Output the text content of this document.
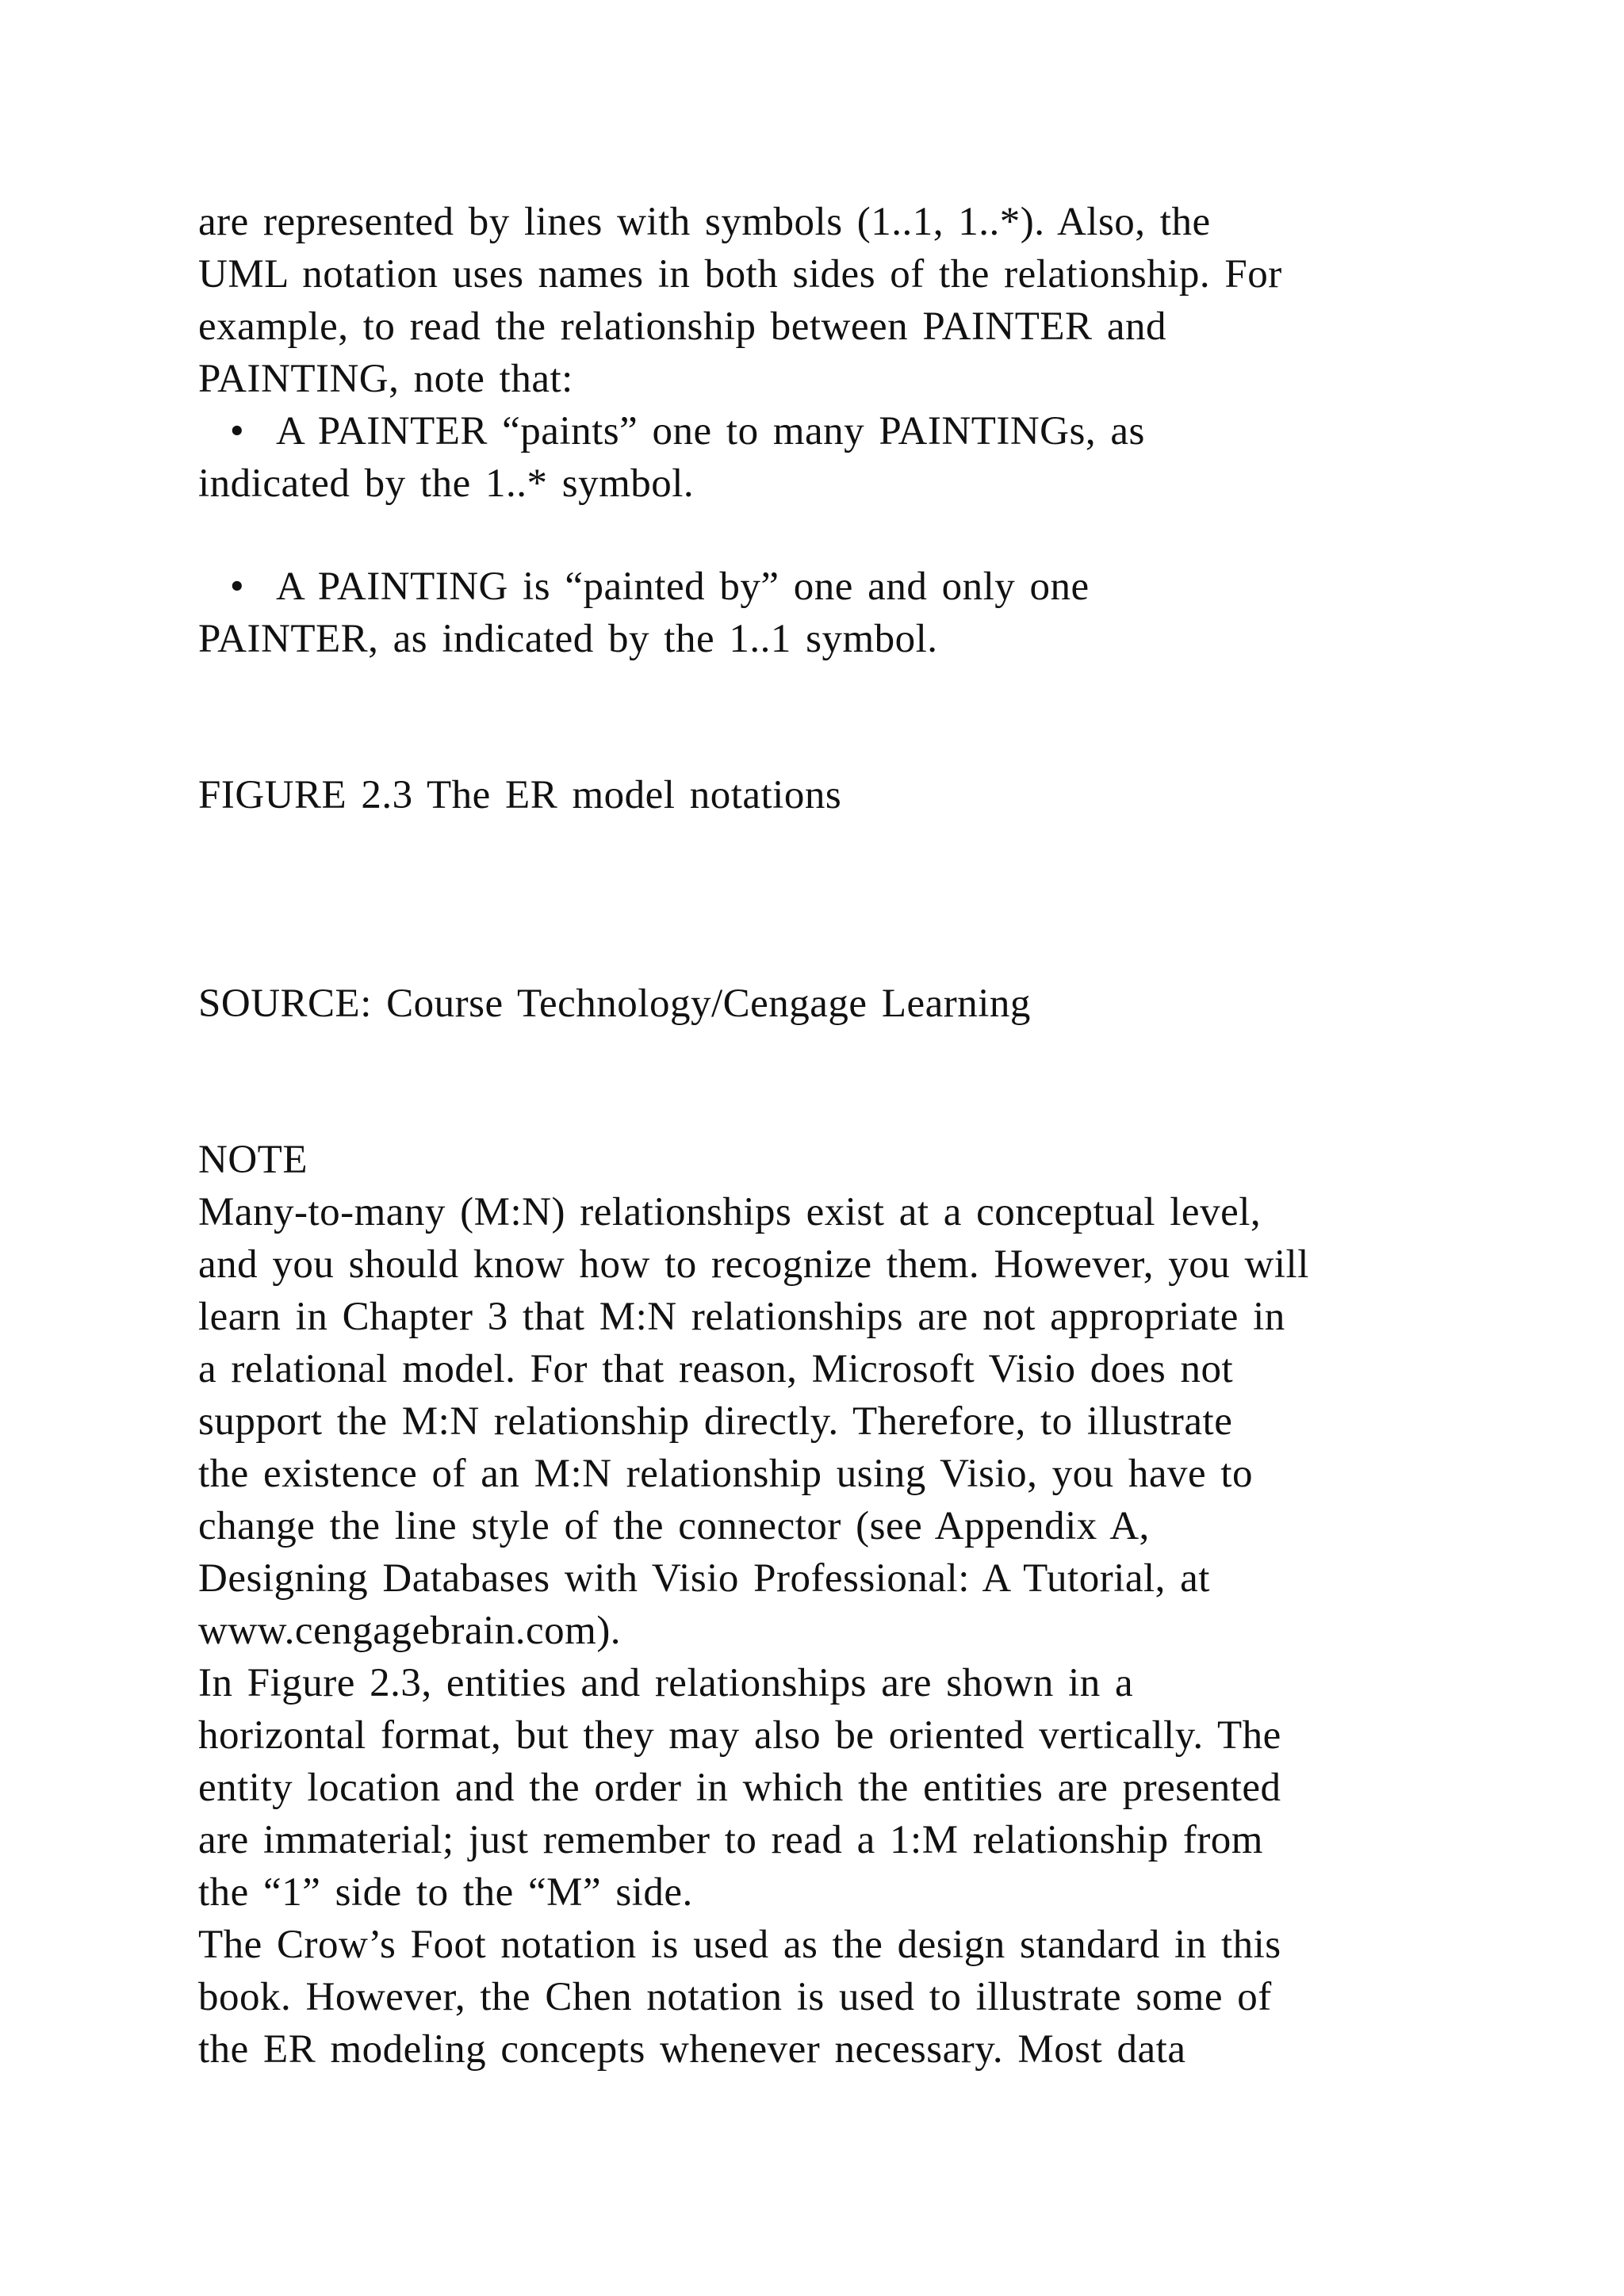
are represented by lines with symbols (1..1, 1..*). Also, the
UML notation uses names in both sides of the relationship. For
example, to read the relationship between PAINTER and
PAINTING, note that:
• A PAINTER “paints” one to many PAINTINGs, as
indicated by the 1..* symbol.
• A PAINTING is “painted by” one and only one
PAINTER, as indicated by the 1..1 symbol.
FIGURE 2.3 The ER model notations
SOURCE: Course Technology/Cengage Learning
NOTE
Many-to-many (M:N) relationships exist at a conceptual level,
and you should know how to recognize them. However, you will
learn in Chapter 3 that M:N relationships are not appropriate in
a relational model. For that reason, Microsoft Visio does not
support the M:N relationship directly. Therefore, to illustrate
the existence of an M:N relationship using Visio, you have to
change the line style of the connector (see Appendix A,
Designing Databases with Visio Professional: A Tutorial, at
www.cengagebrain.com).
In Figure 2.3, entities and relationships are shown in a
horizontal format, but they may also be oriented vertically. The
entity location and the order in which the entities are presented
are immaterial; just remember to read a 1:M relationship from
the “1” side to the “M” side.
The Crow’s Foot notation is used as the design standard in this
book. However, the Chen notation is used to illustrate some of
the ER modeling concepts whenever necessary. Most data
